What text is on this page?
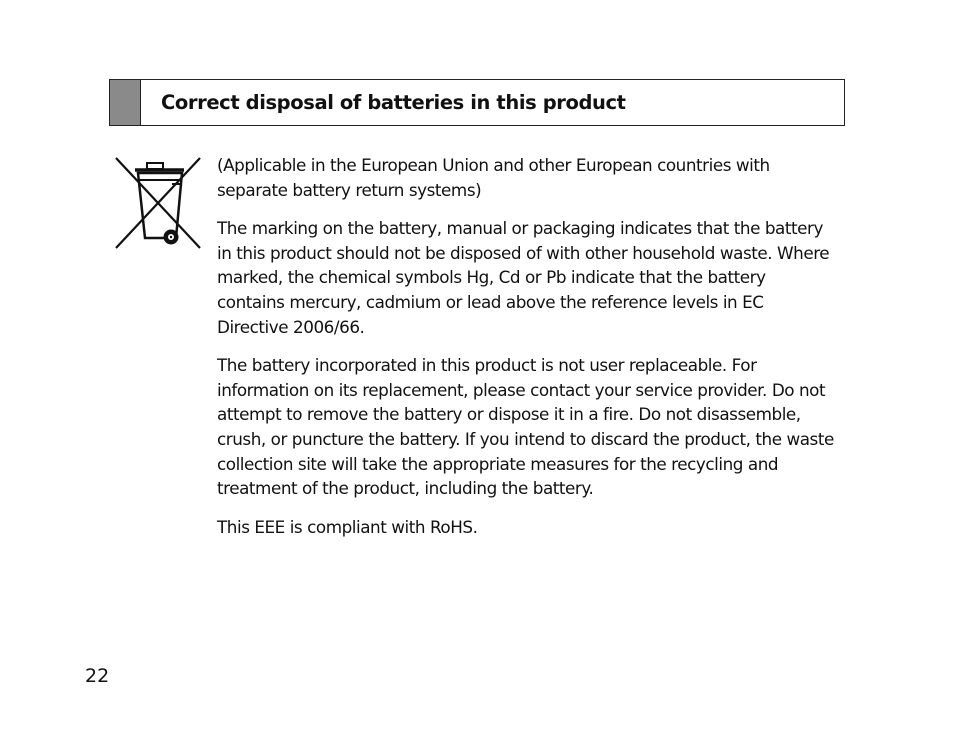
Correct disposal of batteries in this product

(Applicable in the European Union and other European countries with separate battery return systems)

The marking on the battery, manual or packaging indicates that the battery in this product should not be disposed of with other household waste. Where marked, the chemical symbols Hg, Cd or Pb indicate that the battery contains mercury, cadmium or lead above the reference levels in EC Directive 2006/66.

The battery incorporated in this product is not user replaceable. For information on its replacement, please contact your service provider. Do not attempt to remove the battery or dispose it in a fire. Do not disassemble, crush, or puncture the battery. If you intend to discard the product, the waste collection site will take the appropriate measures for the recycling and treatment of the product, including the battery.

This EEE is compliant with RoHS.

22
